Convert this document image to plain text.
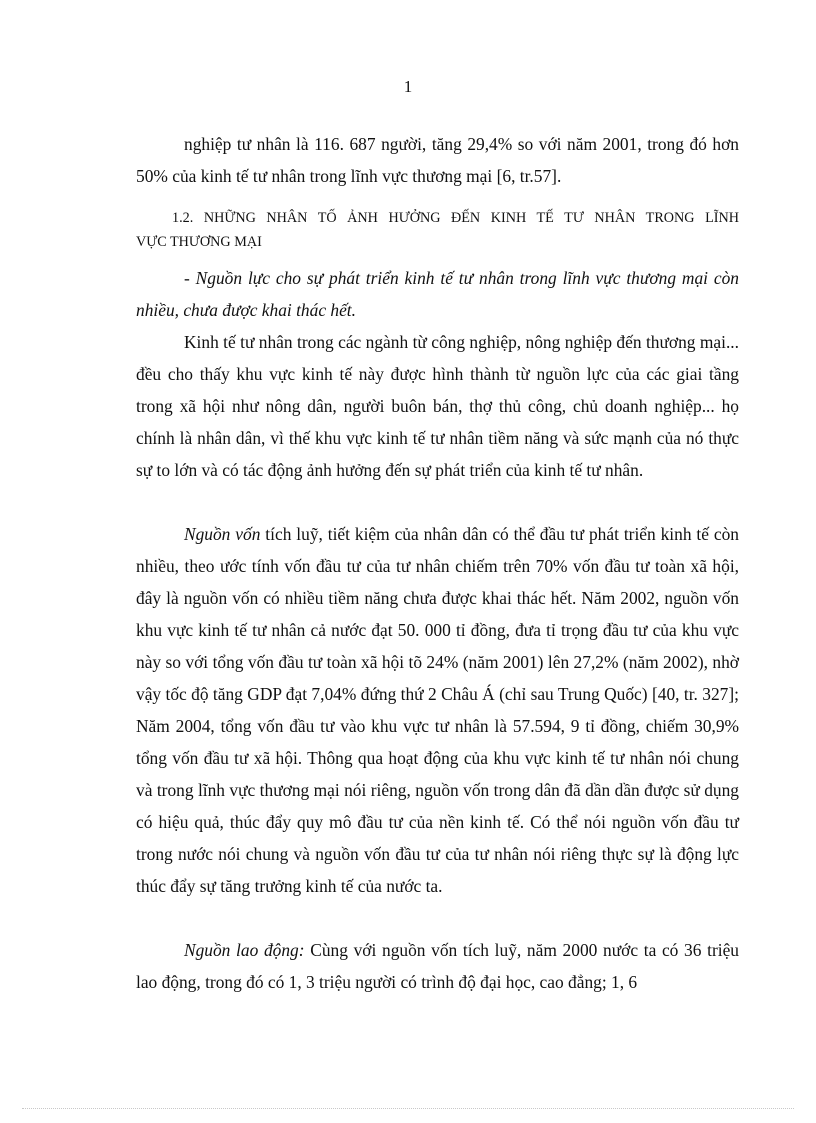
1

nghiệp tư nhân là 116. 687 người, tăng 29,4% so với năm 2001, trong đó hơn 50% của kinh tế tư nhân trong lĩnh vực thương mại [6, tr.57].

1.2. NHỮNG NHÂN TỐ ẢNH HƯỞNG ĐẾN KINH TẾ TƯ NHÂN TRONG LĨNH
VỰC THƯƠNG MẠI

- Nguồn lực cho sự phát triển kinh tế tư nhân trong lĩnh vực thương mại còn nhiều, chưa được khai thác hết.

Kinh tế tư nhân trong các ngành từ công nghiệp, nông nghiệp đến thương mại... đều cho thấy khu vực kinh tế này được hình thành từ nguồn lực của các giai tầng trong xã hội như nông dân, người buôn bán, thợ thủ công, chủ doanh nghiệp... họ chính là nhân dân, vì thế khu vực kinh tế tư nhân tiềm năng và sức mạnh của nó thực sự to lớn và có tác động ảnh hưởng đến sự phát triển của kinh tế tư nhân.

Nguồn vốn tích luỹ, tiết kiệm của nhân dân có thể đầu tư phát triển kinh tế còn nhiều, theo ước tính vốn đầu tư của tư nhân chiếm trên 70% vốn đầu tư toàn xã hội, đây là nguồn vốn có nhiều tiềm năng chưa được khai thác hết. Năm 2002, nguồn vốn khu vực kinh tế tư nhân cả nước đạt 50. 000 tỉ đồng, đưa tỉ trọng đầu tư của khu vực này so với tổng vốn đầu tư toàn xã hội tõ 24% (năm 2001) lên 27,2% (năm 2002), nhờ vậy tốc độ tăng GDP đạt 7,04% đứng thứ 2 Châu Á (chỉ sau Trung Quốc) [40, tr. 327]; Năm 2004, tổng vốn đầu tư vào khu vực tư nhân là 57.594, 9 tỉ đồng, chiếm 30,9% tổng vốn đầu tư xã hội. Thông qua hoạt động của khu vực kinh tế tư nhân nói chung và trong lĩnh vực thương mại nói riêng, nguồn vốn trong dân đã dần dần được sử dụng có hiệu quả, thúc đẩy quy mô đầu tư của nền kinh tế. Có thể nói nguồn vốn đầu tư trong nước nói chung và nguồn vốn đầu tư của tư nhân nói riêng thực sự là động lực thúc đẩy sự tăng trưởng kinh tế của nước ta.

Nguồn lao động: Cùng với nguồn vốn tích luỹ, năm 2000 nước ta có 36 triệu lao động, trong đó có 1, 3 triệu người có trình độ đại học, cao đẳng; 1, 6
